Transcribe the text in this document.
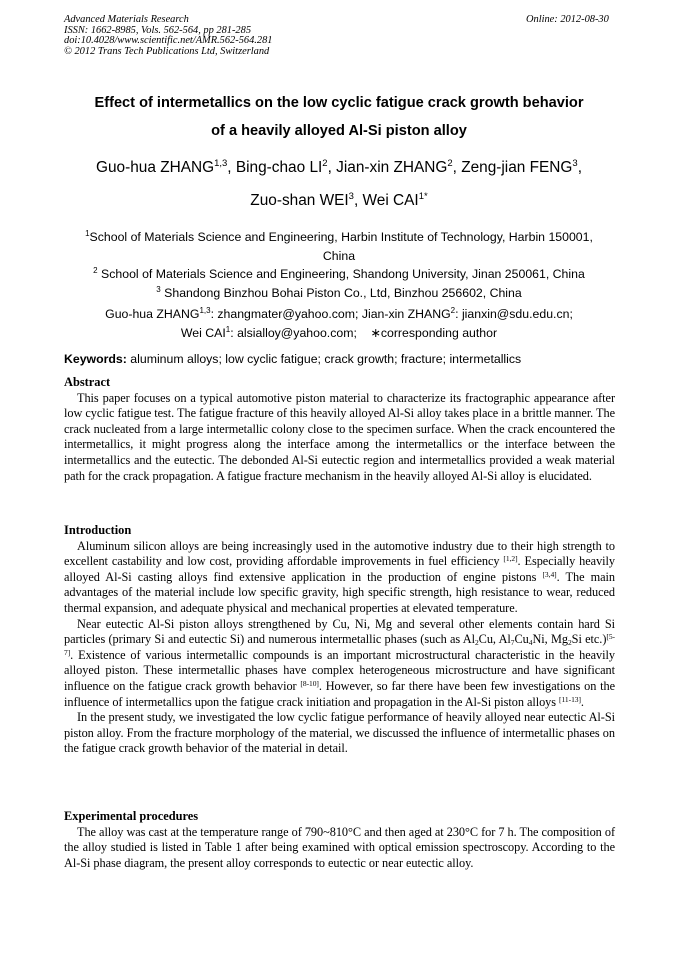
Advanced Materials Research
ISSN: 1662-8985, Vols. 562-564, pp 281-285
doi:10.4028/www.scientific.net/AMR.562-564.281
© 2012 Trans Tech Publications Ltd, Switzerland
Online: 2012-08-30
Effect of intermetallics on the low cyclic fatigue crack growth behavior
of a heavily alloyed Al-Si piston alloy
Guo-hua ZHANG$^{1,3}$, Bing-chao $LI^2$, Jian-xin ZHANG$^2$, Zeng-jian FENG$^3$,
Zuo-shan WEI$^3$, Wei $CAI^{1*}$
$^1$School of Materials Science and Engineering, Harbin Institute of Technology, Harbin 150001,
China
$^2$ School of Materials Science and Engineering, Shandong University, Jinan 250061, China
$^3$ Shandong Binzhou Bohai Piston Co., Ltd, Binzhou 256602, China
Guo-hua ZHANG$^{1,3}$: zhangmater@yahoo.com; Jian-xin ZHANG$^2$: jianxin@sdu.edu.cn;
Wei CAI$^1$: alsialloy@yahoo.com; ∗corresponding author
Keywords: aluminum alloys; low cyclic fatigue; crack growth; fracture; intermetallics
Abstract

This paper focuses on a typical automotive piston material to characterize its fractographic appearance after low cyclic fatigue test. The fatigue fracture of this heavily alloyed Al-Si alloy takes place in a brittle manner. The crack nucleated from a large intermetallic colony close to the specimen surface. When the crack encountered the intermetallics, it might progress along the interface among the intermetallics or the interface between the intermetallics and the eutectic. The debonded Al-Si eutectic region and intermetallics provided a weak material path for the crack propagation. A fatigue fracture mechanism in the heavily alloyed Al-Si alloy is elucidated.

Introduction

Aluminum silicon alloys are being increasingly used in the automotive industry due to their high strength to excellent castability and low cost, providing affordable improvements in fuel efficiency [1,2]. Especially heavily alloyed Al-Si casting alloys find extensive application in the production of engine pistons [3,4]. The main advantages of the material include low specific gravity, high specific strength, high resistance to wear, reduced thermal expansion, and adequate physical and mechanical properties at elevated temperature.

Near eutectic Al-Si piston alloys strengthened by Cu, Ni, Mg and several other elements contain hard Si particles (primary Si and eutectic Si) and numerous intermetallic phases (such as $Al_2Cu$, $Al_7Cu_4Ni$, $Mg_2Si$ etc.)[5-7]. Existence of various intermetallic compounds is an important microstructural characteristic in the heavily alloyed piston. These intermetallic phases have complex heterogeneous microstructure and have significant influence on the fatigue crack growth behavior [8-10]. However, so far there have been few investigations on the influence of intermetallics upon the fatigue crack initiation and propagation in the Al-Si piston alloys [11-13].

In the present study, we investigated the low cyclic fatigue performance of heavily alloyed near eutectic Al-Si piston alloy. From the fracture morphology of the material, we discussed the influence of intermetallic phases on the fatigue crack growth behavior of the material in detail.

Experimental procedures

The alloy was cast at the temperature range of 790~810°C and then aged at 230°C for 7 h. The composition of the alloy studied is listed in Table 1 after being examined with optical emission spectroscopy. According to the Al-Si phase diagram, the present alloy corresponds to eutectic or near eutectic alloy.
